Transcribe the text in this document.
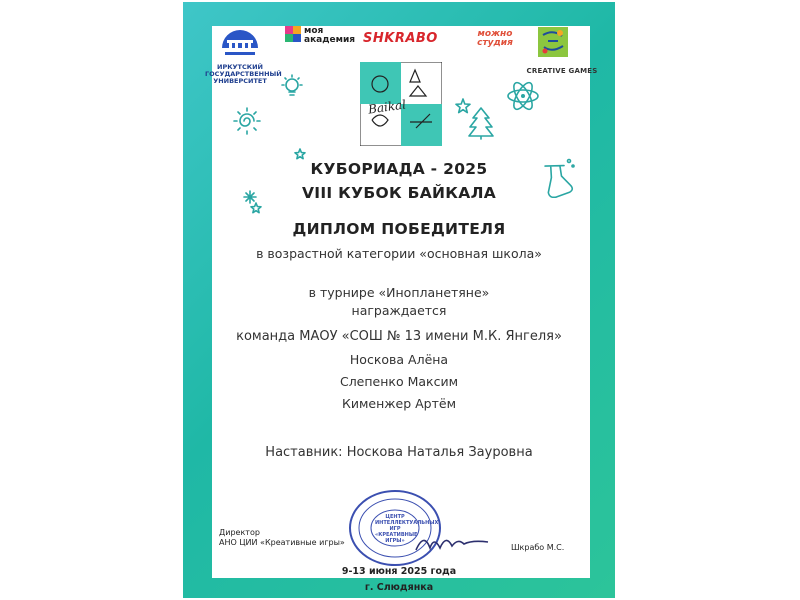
ИРКУТСКИЙ ГОСУДАРСТВЕННЫЙ УНИВЕРСИТЕТ
моя академия SHKRABO	можно студия
CREATIVE GAMES
Baikal
КУБОРИАДА - 2025
VIII КУБОК БАЙКАЛА
ДИПЛОМ ПОБЕДИТЕЛЯ
в возрастной категории «основная школа»
в турнире «Инопланетяне»
награждается
команда МАОУ «СОШ № 13 имени М.К. Янгеля»
Носкова Алёна
Слепенко Максим
Кименжер Артём
Наставник: Носкова Наталья Зауровна
ЦЕНТР ИНТЕЛЛЕКТУАЛЬНЫХ ИГР «КРЕАТИВНЫЕ ИГРЫ»
Директор
АНО ЦИИ «Креативные игры»
Шкрабо М.С.
9-13 июня 2025 года
г. Слюдянка
